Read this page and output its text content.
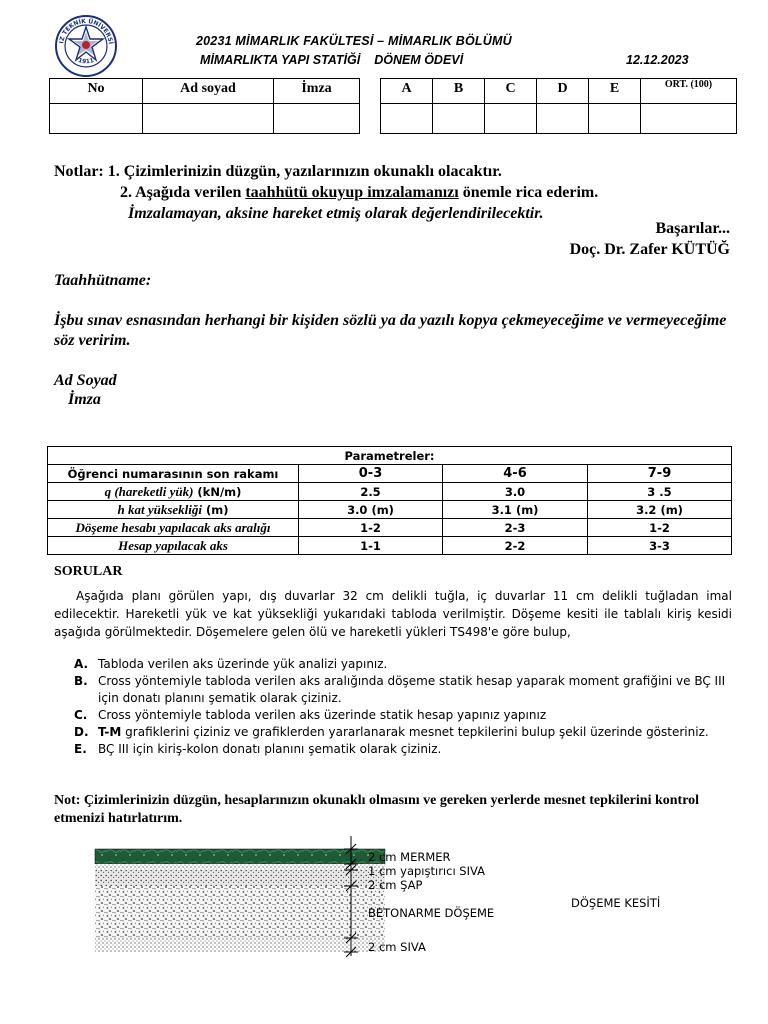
IZ TEKNİK ÜNİVERSİ
1911
20231 MİMARLIK FAKÜLTESİ – MİMARLIK BÖLÜMÜ
MİMARLIKTA YAPI STATİĞİ DÖNEM ÖDEVİ	12.12.2023
No	Ad soyad	İmza
			A	B	C	D	E	ORT. (100)

Notlar: 1. Çizimlerinizin düzgün, yazılarınızın okunaklı olacaktır.
2. Aşağıda verilen taahhütü okuyup imzalamanızı önemle rica ederim.
İmzalamayan, aksine hareket etmiş olarak değerlendirilecektir.
Başarılar...
Doç. Dr. Zafer KÜTÜĞ
Taahhütname:
İşbu sınav esnasından herhangi bir kişiden sözlü ya da yazılı kopya çekmeyeceğime ve vermeyeceğime söz veririm.
Ad Soyad
İmza
Parametreler:			
Öğrenci numarasının son rakamı	0-3	4-6	7-9
q (hareketli yük) (kN/m)	2.5	3.0	3 .5
h kat yüksekliği (m)	3.0 (m)	3.1 (m)	3.2 (m)
Döşeme hesabı yapılacak aks aralığı	1-2	2-3	1-2
Hesap yapılacak aks	1-1	2-2	3-3
SORULAR
Aşağıda planı görülen yapı, dış duvarlar 32 cm delikli tuğla, iç duvarlar 11 cm delikli tuğladan imal edilecektir. Hareketli yük ve kat yüksekliği yukarıdaki tabloda verilmiştir. Döşeme kesiti ile tablalı kiriş kesidi aşağıda görülmektedir. Döşemelere gelen ölü ve hareketli yükleri TS498'e göre bulup,
A. Tabloda verilen aks üzerinde yük analizi yapınız.
B. Cross yöntemiyle tabloda verilen aks aralığında döşeme statik hesap yaparak moment grafiğini ve BÇ III için donatı planını şematik olarak çiziniz.
C. Cross yöntemiyle tabloda verilen aks üzerinde statik hesap yapınız yapınız
D. T-M grafiklerini çiziniz ve grafiklerden yararlanarak mesnet tepkilerini bulup şekil üzerinde gösteriniz.
E. BÇ III için kiriş-kolon donatı planını şematik olarak çiziniz.
Not: Çizimlerinizin düzgün, hesaplarınızın okunaklı olmasını ve gereken yerlerde mesnet tepkilerini kontrol etmenizi hatırlatırım.
2 cm MERMER
1 cm yapıştırıcı SIVA
2 cm ŞAP
BETONARME DÖŞEME
2 cm SIVA
DÖŞEME KESİTİ
